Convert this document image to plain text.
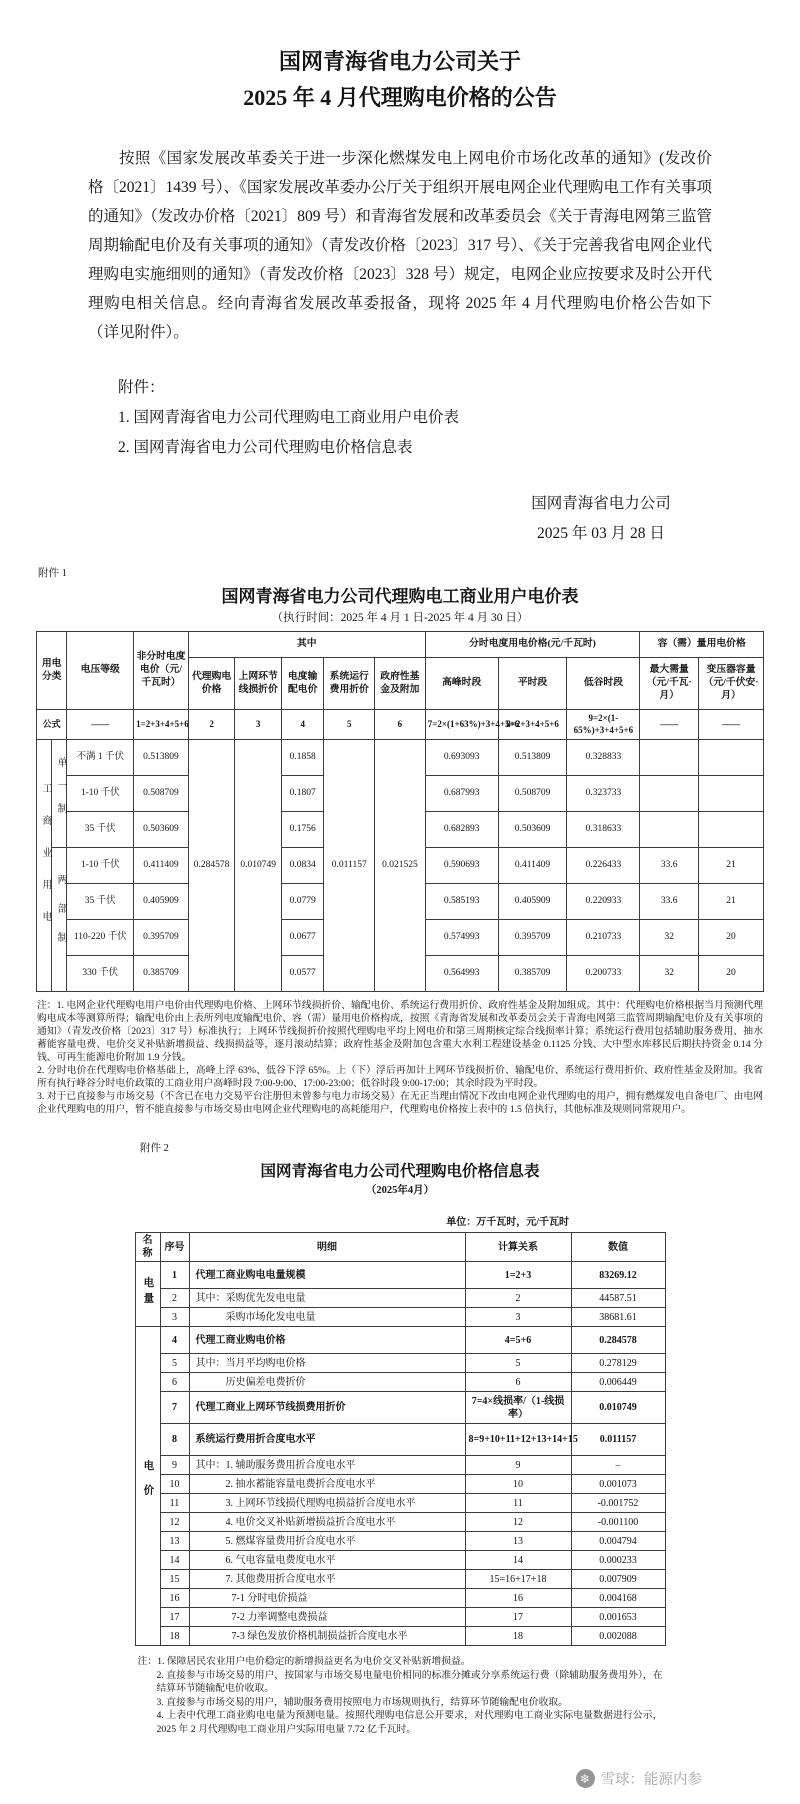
国网青海省电力公司关于
2025 年 4 月代理购电价格的公告

按照《国家发展改革委关于进一步深化燃煤发电上网电价市场化改革的通知》(发改价格〔2021〕1439 号）、《国家发展改革委办公厅关于组织开展电网企业代理购电工作有关事项的通知》（发改办价格〔2021〕809 号）和青海省发展和改革委员会《关于青海电网第三监管周期输配电价及有关事项的通知》（青发改价格〔2023〕317 号）、《关于完善我省电网企业代理购电实施细则的通知》（青发改价格〔2023〕328 号）规定，电网企业应按要求及时公开代理购电相关信息。经向青海省发展改革委报备，现将 2025 年 4 月代理购电价格公告如下（详见附件）。

附件：
1. 国网青海省电力公司代理购电工商业用户电价表
2. 国网青海省电力公司代理购电价格信息表
国网青海省电力公司
2025 年 03 月 28 日
附件 1
国网青海省电力公司代理购电工商业用户电价表
（执行时间：2025 年 4 月 1 日-2025 年 4 月 30 日）
用电分类		电压等级	非分时电度电价（元/千瓦时）	其中					分时电度用电价格(元/千瓦时)			容（需）量用电价格	
				代理购电价格	上网环节线损折价	电度输配电价	系统运行费用折价	政府性基金及附加	高峰时段	平时段	低谷时段	最大需量（元/千瓦·月）	变压器容量（元/千伏安·月）
公式		——	1=2+3+4+5+6	2	3	4	5	6	7=2×(1+63%)+3+4+5+6	8=2+3+4+5+6	9=2×(1-65%)+3+4+5+6	——	——
工商业用电	单一制	不满 1 千伏	0.513809	0.284578	0.010749	0.1858	0.011157	0.021525	0.693093	0.513809	0.328833		
		1-10 千伏	0.508709			0.1807			0.687993	0.508709	0.323733		
		35 千伏	0.503609			0.1756			0.682893	0.503609	0.318633		
	两部制	1-10 千伏	0.411409			0.0834			0.590693	0.411409	0.226433	33.6	21
		35 千伏	0.405909			0.0779			0.585193	0.405909	0.220933	33.6	21
		110-220 千伏	0.395709			0.0677			0.574993	0.395709	0.210733	32	20
		330 千伏	0.385709			0.0577			0.564993	0.385709	0.200733	32	20

注：1. 电网企业代理购电用户电价由代理购电价格、上网环节线损折价、输配电价、系统运行费用折价、政府性基金及附加组成。其中：代理购电价格根据当月预测代理购电成本等测算所得；输配电价由上表所列电度输配电价、容（需）量用电价格构成，按照《青海省发展和改革委员会关于青海电网第三监管周期输配电价及有关事项的通知》（青发改价格〔2023〕317 号）标准执行；上网环节线损折价按照代理购电平均上网电价和第三周期核定综合线损率计算；系统运行费用包括辅助服务费用、抽水蓄能容量电费、电价交叉补贴新增损益、线损损益等，逐月滚动结算；政府性基金及附加包含重大水利工程建设基金 0.1125 分钱、大中型水库移民后期扶持资金 0.14 分钱、可再生能源电价附加 1.9 分钱。

2. 分时电价在代理购电价格基础上，高峰上浮 63%、低谷下浮 65%。上（下）浮后再加计上网环节线损折价、输配电价、系统运行费用折价、政府性基金及附加。我省所有执行峰谷分时电价政策的工商业用户高峰时段 7:00-9:00、17:00-23:00；低谷时段 9:00-17:00；其余时段为平时段。

3. 对于已直接参与市场交易（不含已在电力交易平台注册但未曾参与电力市场交易）在无正当理由情况下改由电网企业代理购电的用户，拥有燃煤发电自备电厂、由电网企业代理购电的用户，暂不能直接参与市场交易由电网企业代理购电的高耗能用户，代理购电价格按上表中的 1.5 倍执行，其他标准及规则同常规用户。

附件 2
国网青海省电力公司代理购电价格信息表
（2025年4月）
单位：万千瓦时，元/千瓦时
名称	序号	明细	计算关系	数值
电量	1	代理工商业购电电量规模	1=2+3	83269.12
	2	其中：采购优先发电电量	2	44587.51
	3	采购市场化发电电量	3	38681.61
电价	4	代理工商业购电价格	4=5+6	0.284578
	5	其中：当月平均购电价格	5	0.278129
	6	历史偏差电费折价	6	0.006449
	7	代理工商业上网环节线损费用折价	7=4×线损率/（1-线损率）	0.010749
	8	系统运行费用折合度电水平	8=9+10+11+12+13+14+15	0.011157
	9	其中：1. 辅助服务费用折合度电水平	9	–
	10	2. 抽水蓄能容量电费折合度电水平	10	0.001073
	11	3. 上网环节线损代理购电损益折合度电水平	11	-0.001752
	12	4. 电价交叉补贴新增损益折合度电水平	12	-0.001100
	13	5. 燃煤容量费用折合度电水平	13	0.004794
	14	6. 气电容量电费度电水平	14	0.000233
	15	7. 其他费用折合度电水平	15=16+17+18	0.007909
	16	7-1 分时电价损益	16	0.004168
	17	7-2 力率调整电费损益	17	0.001653
	18	7-3 绿色发放价格机制损益折合度电水平	18	0.002088

注：1. 保障居民农业用户电价稳定的新增损益更名为电价交叉补贴新增损益。

2. 直接参与市场交易的用户，按国家与市场交易电量电价相同的标准分摊或分享系统运行费（除辅助服务费用外），在结算环节随输配电价收取。

3. 直接参与市场交易的用户，辅助服务费用按照电力市场规则执行，结算环节随输配电价收取。

4. 上表中代理工商业购电电量为预测电量。按照代理购电信息公开要求，对代理购电工商业实际电量数据进行公示，2025 年 2 月代理购电工商业用户实际用电量 7.72 亿千瓦时。

❄ 雪球：能源内参
